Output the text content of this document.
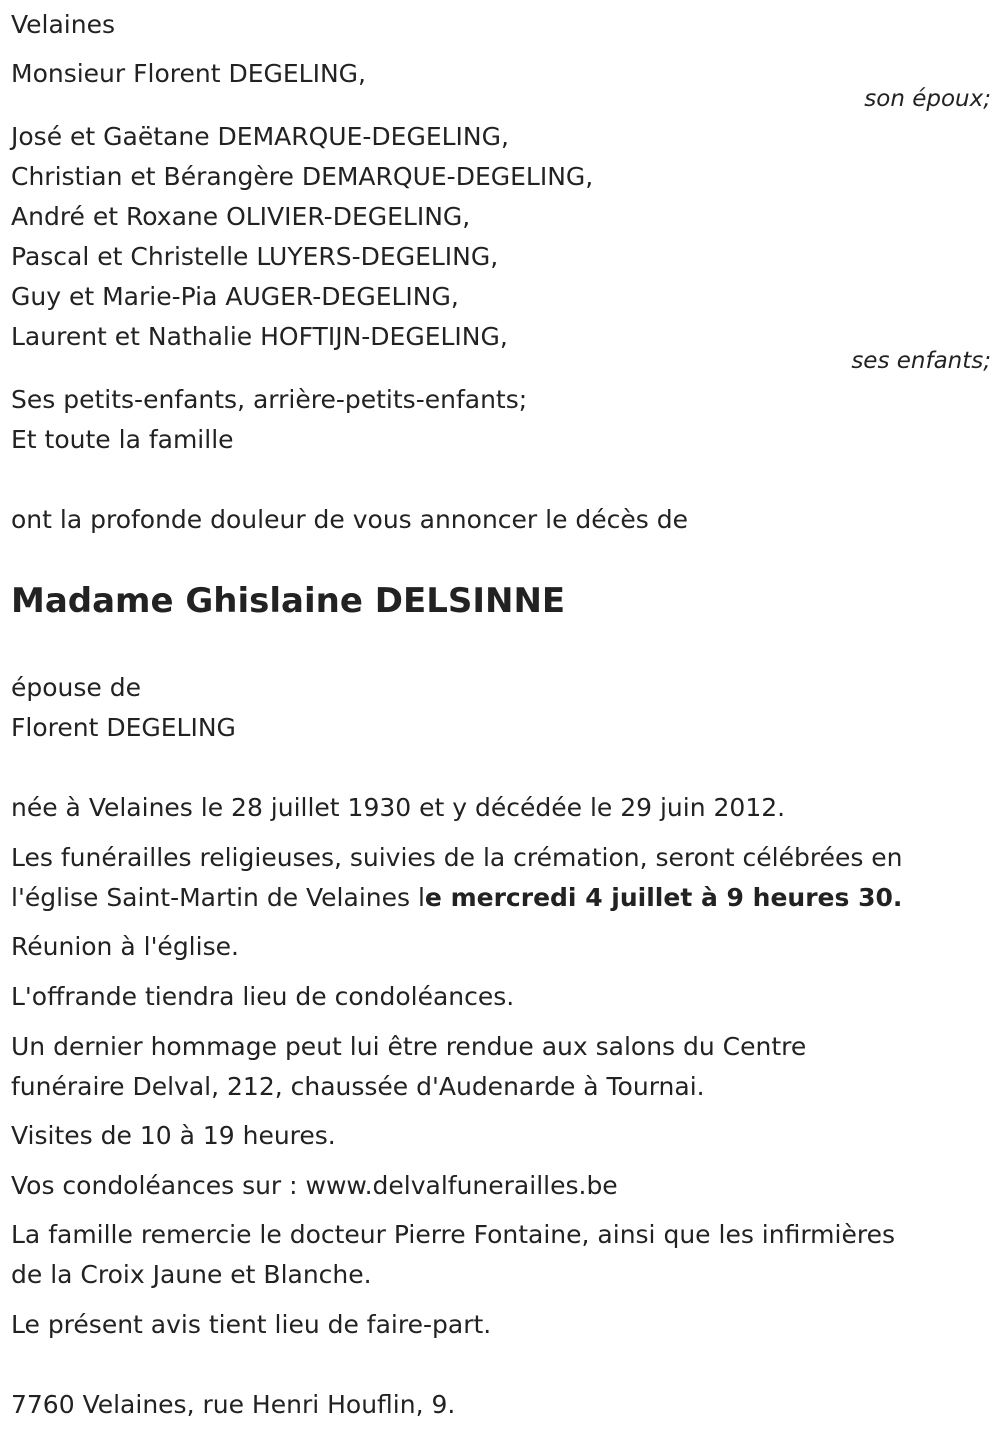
Velaines
Monsieur Florent DEGELING,
son époux;
José et Gaëtane DEMARQUE-DEGELING,
Christian et Bérangère DEMARQUE-DEGELING,
André et Roxane OLIVIER-DEGELING,
Pascal et Christelle LUYERS-DEGELING,
Guy et Marie-Pia AUGER-DEGELING,
Laurent et Nathalie HOFTIJN-DEGELING,
ses enfants;
Ses petits-enfants, arrière-petits-enfants;
Et toute la famille
ont la profonde douleur de vous annoncer le décès de
Madame Ghislaine DELSINNE
épouse de
Florent DEGELING
née à Velaines le 28 juillet 1930 et y décédée le 29 juin 2012.
Les funérailles religieuses, suivies de la crémation, seront célébrées en
l'église Saint-Martin de Velaines le mercredi 4 juillet à 9 heures 30.
Réunion à l'église.
L'offrande tiendra lieu de condoléances.
Un dernier hommage peut lui être rendue aux salons du Centre
funéraire Delval, 212, chaussée d'Audenarde à Tournai.
Visites de 10 à 19 heures.
Vos condoléances sur : www.delvalfunerailles.be
La famille remercie le docteur Pierre Fontaine, ainsi que les infirmières
de la Croix Jaune et Blanche.
Le présent avis tient lieu de faire-part.
7760 Velaines, rue Henri Houflin, 9.
